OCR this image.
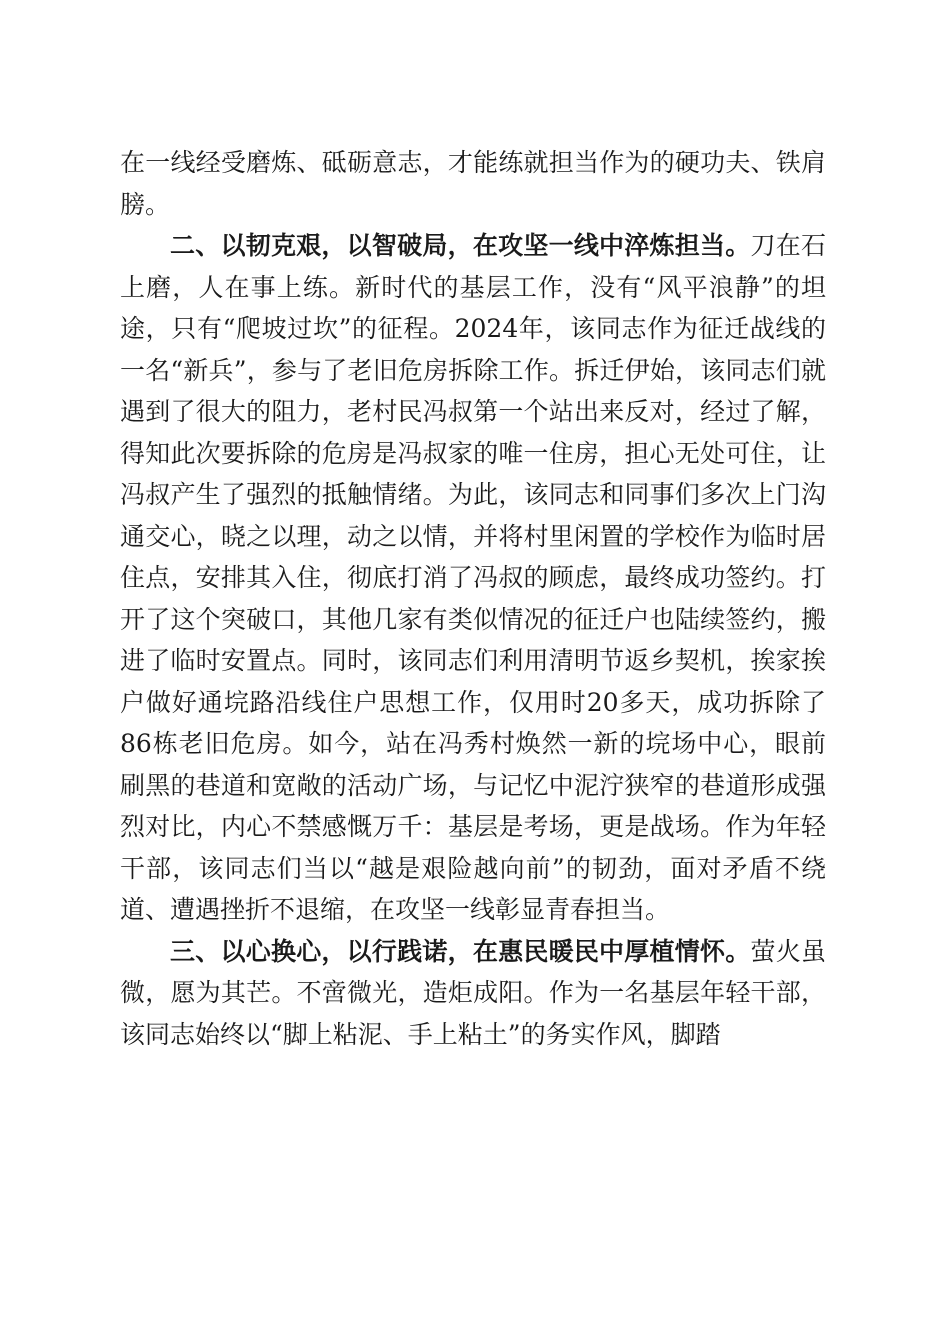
在一线经受磨炼、砥砺意志，才能练就担当作为的硬功夫、铁肩膀。

二、以韧克艰，以智破局，在攻坚一线中淬炼担当。刀在石上磨，人在事上练。新时代的基层工作，没有“风平浪静”的坦途，只有“爬坡过坎”的征程。2024年，该同志作为征迁战线的一名“新兵”，参与了老旧危房拆除工作。拆迁伊始，该同志们就遇到了很大的阻力，老村民冯叔第一个站出来反对，经过了解，得知此次要拆除的危房是冯叔家的唯一住房，担心无处可住，让冯叔产生了强烈的抵触情绪。为此，该同志和同事们多次上门沟通交心，晓之以理，动之以情，并将村里闲置的学校作为临时居住点，安排其入住，彻底打消了冯叔的顾虑，最终成功签约。打开了这个突破口，其他几家有类似情况的征迁户也陆续签约，搬进了临时安置点。同时，该同志们利用清明节返乡契机，挨家挨户做好通垸路沿线住户思想工作，仅用时20多天，成功拆除了86栋老旧危房。如今，站在冯秀村焕然一新的垸场中心，眼前刷黑的巷道和宽敞的活动广场，与记忆中泥泞狭窄的巷道形成强烈对比，内心不禁感慨万千：基层是考场，更是战场。作为年轻干部，该同志们当以“越是艰险越向前”的韧劲，面对矛盾不绕道、遭遇挫折不退缩，在攻坚一线彰显青春担当。

三、以心换心，以行践诺，在惠民暖民中厚植情怀。萤火虽微，愿为其芒。不啻微光，造炬成阳。作为一名基层年轻干部，该同志始终以“脚上粘泥、手上粘土”的务实作风，脚踏
